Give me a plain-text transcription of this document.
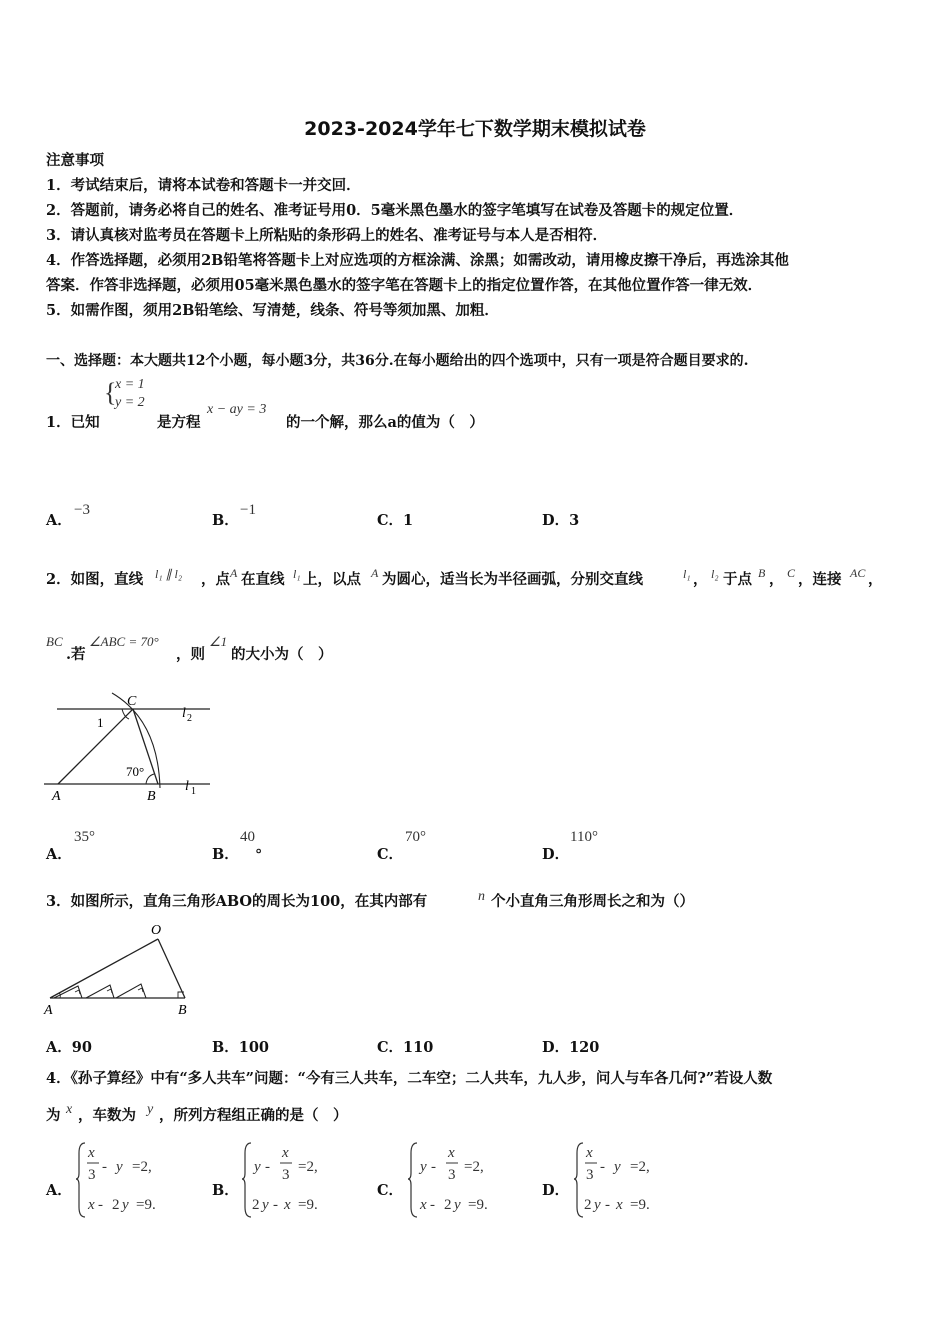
2023-2024学年七下数学期末模拟试卷
注意事项
1．考试结束后，请将本试卷和答题卡一并交回．
2．答题前，请务必将自己的姓名、准考证号用0．5毫米黑色墨水的签字笔填写在试卷及答题卡的规定位置．
3．请认真核对监考员在答题卡上所粘贴的条形码上的姓名、准考证号与本人是否相符．
4．作答选择题，必须用2B铅笔将答题卡上对应选项的方框涂满、涂黑；如需改动，请用橡皮擦干净后，再选涂其他
答案．作答非选择题，必须用05毫米黑色墨水的签字笔在答题卡上的指定位置作答，在其他位置作答一律无效．
5．如需作图，须用2B铅笔绘、写清楚，线条、符号等须加黑、加粗．
一、选择题：本大题共12个小题，每小题3分，共36分.在每小题给出的四个选项中，只有一项是符合题目要求的.
{
x = 1
y = 2
1．已知	是方程
x − ay = 3
的一个解，那么a的值为（　）
A．
−3
B．
−1
C．1	D．3
2．如图，直线 l₁ ∥ l₂ ，点 A 在直线 l₁ 上，以点 A 为圆心，适当长为半径画弧，分别交直线	l₁ ， l₂ 于点 B ， C ，连接 AC ，
BC
.若
∠ABC = 70°
，则
∠1
的大小为（　）
C
l 2
1
70°
A	B
l 1
A．
35°
B．
40
。	C．
70°
D．
110°
3．如图所示，直角三角形ABO的周长为100，在其内部有	n 个小直角三角形周长之和为（）
O
A	B
A．90	B．100	C．110	D．120
4．《孙子算经》中有“多人共车”问题：“今有三人共车，二车空；二人共车，九人步，问人与车各几何?”若设人数
为 x ，车数为 y ，所列方程组正确的是（　）
A．	B．	C．	D．
x
3 - y =2,
x - 2 y =9.
y -
x
3 =2,
2 y - x =9.
y -
x
3 =2,
x - 2 y =9.
x
3 - y =2,
2 y - x =9.
